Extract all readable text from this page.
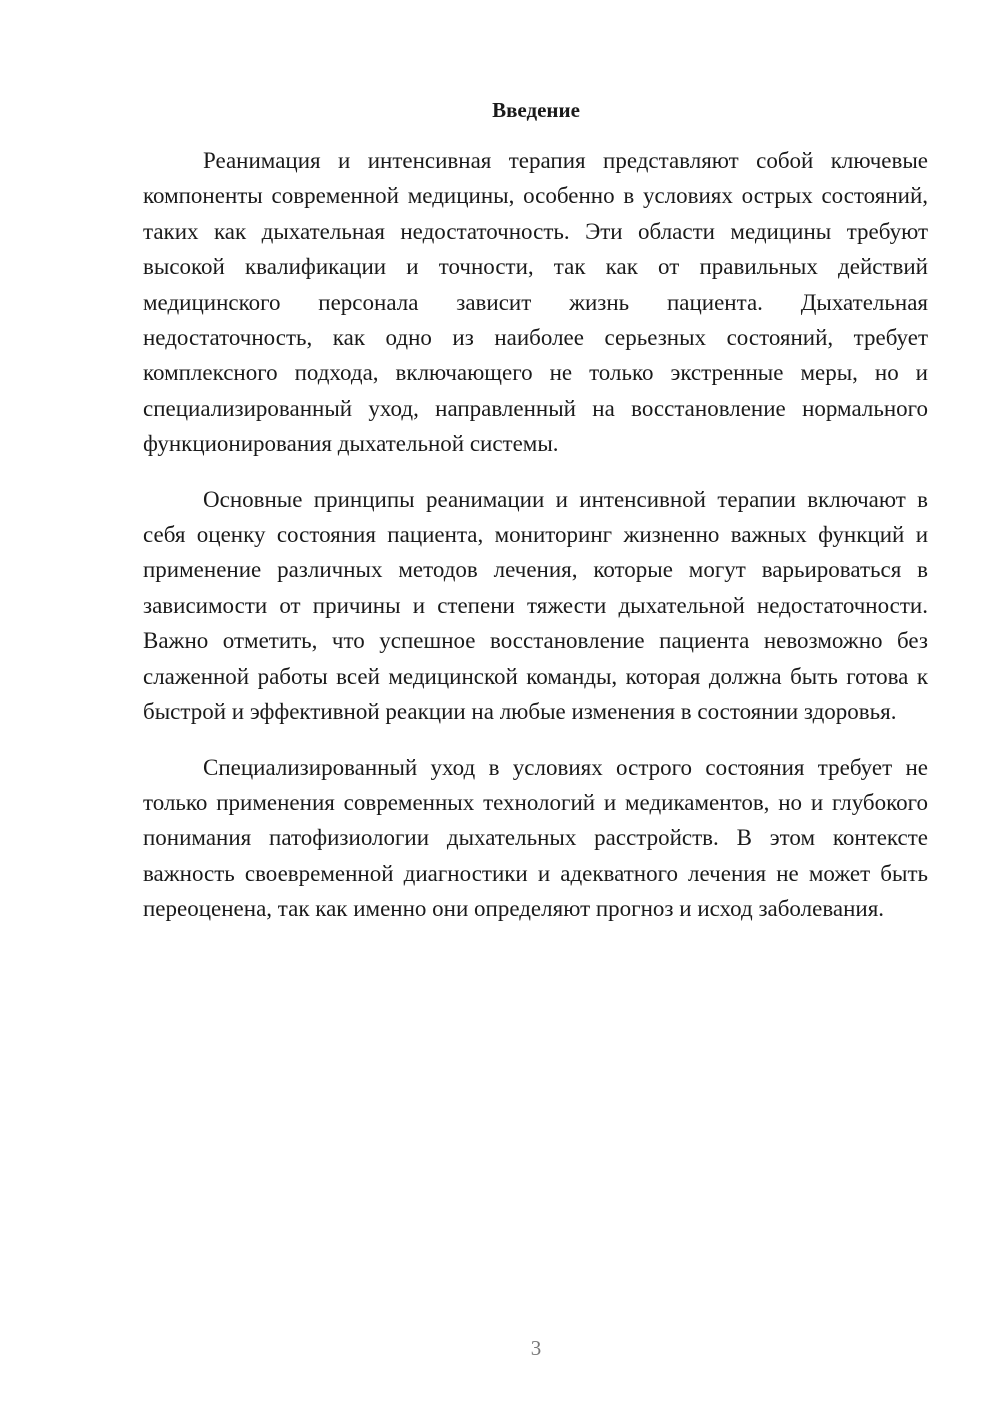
Введение

Реанимация и интенсивная терапия представляют собой ключевые компоненты современной медицины, особенно в условиях острых состояний, таких как дыхательная недостаточность. Эти области медицины требуют высокой квалификации и точности, так как от правильных действий медицинского персонала зависит жизнь пациента. Дыхательная недостаточность, как одно из наиболее серьезных состояний, требует комплексного подхода, включающего не только экстренные меры, но и специализированный уход, направленный на восстановление нормального функционирования дыхательной системы.

Основные принципы реанимации и интенсивной терапии включают в себя оценку состояния пациента, мониторинг жизненно важных функций и применение различных методов лечения, которые могут варьироваться в зависимости от причины и степени тяжести дыхательной недостаточности. Важно отметить, что успешное восстановление пациента невозможно без слаженной работы всей медицинской команды, которая должна быть готова к быстрой и эффективной реакции на любые изменения в состоянии здоровья.

Специализированный уход в условиях острого состояния требует не только применения современных технологий и медикаментов, но и глубокого понимания патофизиологии дыхательных расстройств. В этом контексте важность своевременной диагностики и адекватного лечения не может быть переоценена, так как именно они определяют прогноз и исход заболевания.

3
